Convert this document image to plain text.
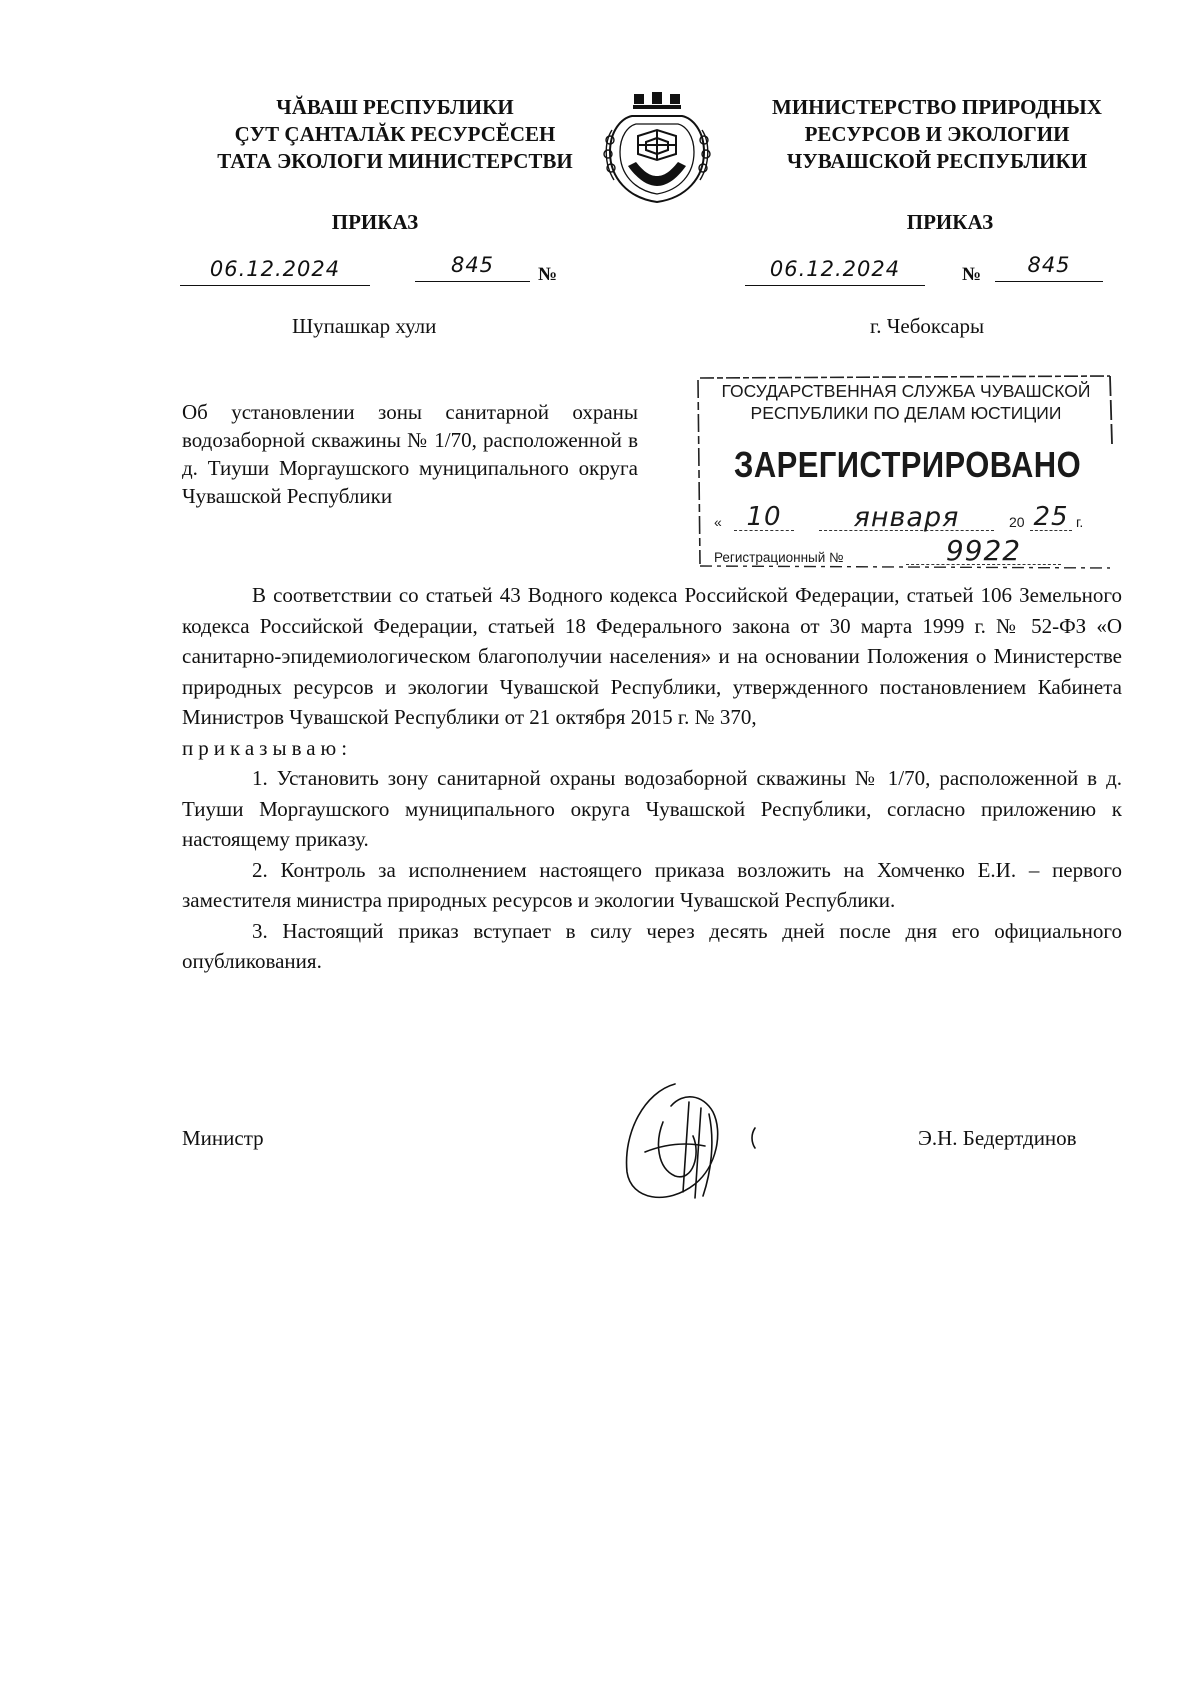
ЧĂВАШ РЕСПУБЛИКИ
ÇУТ ÇАНТАЛĂК РЕСУРСĔСЕН
ТАТА ЭКОЛОГИ МИНИСТЕРСТВИ
МИНИСТЕРСТВО ПРИРОДНЫХ
РЕСУРСОВ И ЭКОЛОГИИ
ЧУВАШСКОЙ РЕСПУБЛИКИ
ПРИКАЗ	ПРИКАЗ
06.12.2024	845	№	06.12.2024	№	845
Шупашкар хули	г. Чебоксары
Об установлении зоны санитарной охраны водозаборной скважины № 1/70, расположенной в д. Тиуши Моргаушского муниципального округа Чувашской Республики
ГОСУДАРСТВЕННАЯ СЛУЖБА ЧУВАШСКОЙ
РЕСПУБЛИКИ ПО ДЕЛАМ ЮСТИЦИИ
ЗАРЕГИСТРИРОВАНО
« 10	января	20 25 г.
Регистрационный №	9922

В соответствии со статьей 43 Водного кодекса Российской Федерации, статьей 106 Земельного кодекса Российской Федерации, статьей 18 Федерального закона от 30 марта 1999 г. № 52-ФЗ «О санитарно-эпидемиологическом благополучии населения» и на основании Положения о Министерстве природных ресурсов и экологии Чувашской Республики, утвержденного постановлением Кабинета Министров Чувашской Республики от 21 октября 2015 г. № 370,

приказываю:

1. Установить зону санитарной охраны водозаборной скважины № 1/70, расположенной в д. Тиуши Моргаушского муниципального округа Чувашской Республики, согласно приложению к настоящему приказу.

2. Контроль за исполнением настоящего приказа возложить на Хомченко Е.И. – первого заместителя министра природных ресурсов и экологии Чувашской Республики.

3. Настоящий приказ вступает в силу через десять дней после дня его официального опубликования.

Министр	Э.Н. Бедертдинов
